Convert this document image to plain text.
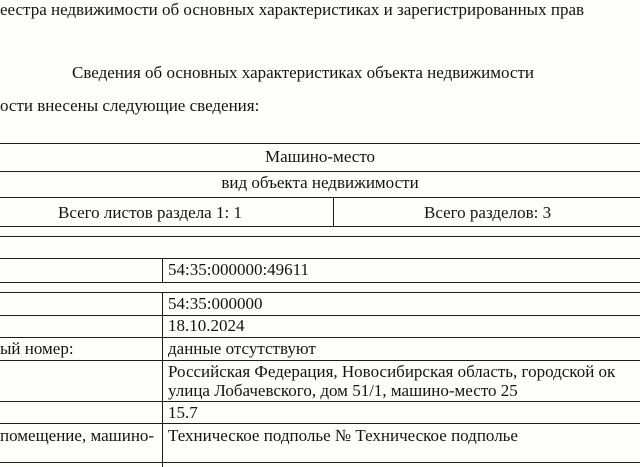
еестра недвижимости об основных характеристиках и зарегистрированных прав
Сведения об основных характеристиках объекта недвижимости
ости внесены следующие сведения:
Машино-место
вид объекта недвижимости
Всего листов раздела 1: 1	Всего разделов: 3
54:35:000000:49611
54:35:000000
18.10.2024
ый номер:	данные отсутствуют
Российская Федерация, Новосибирская область, городской ок
улица Лобачевского, дом 51/1, машино-место 25
15.7
помещение, машино- Техническое подполье № Техническое подполье
